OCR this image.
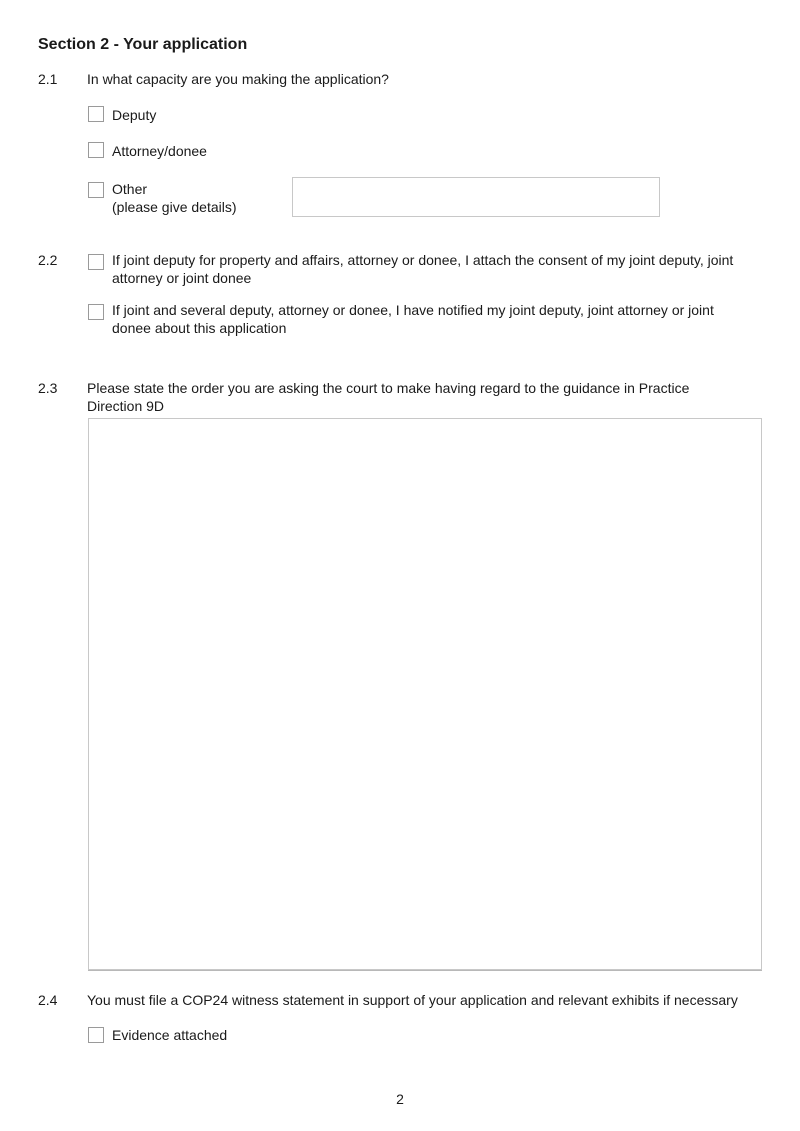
Section 2 - Your application
2.1 In what capacity are you making the application?
Deputy
Attorney/donee
Other
(please give details)
2.2	If joint deputy for property and affairs, attorney or donee, I attach the consent of my joint deputy, joint
attorney or joint donee
If joint and several deputy, attorney or donee, I have notified my joint deputy, joint attorney or joint
donee about this application
2.3 Please state the order you are asking the court to make having regard to the guidance in Practice
Direction 9D
2.4 You must file a COP24 witness statement in support of your application and relevant exhibits if necessary
Evidence attached
2
